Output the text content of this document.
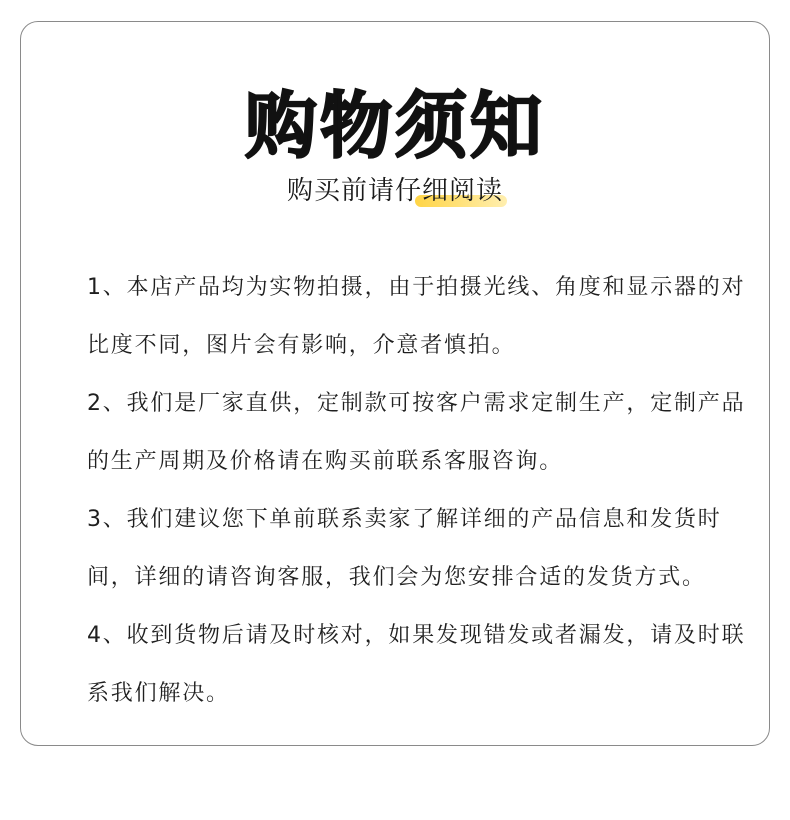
购物须知
购买前请仔细阅读
1、本店产品均为实物拍摄，由于拍摄光线、角度和显示器的对比度不同，图片会有影响，介意者慎拍。
2、我们是厂家直供，定制款可按客户需求定制生产，定制产品的生产周期及价格请在购买前联系客服咨询。
3、我们建议您下单前联系卖家了解详细的产品信息和发货时间，详细的请咨询客服，我们会为您安排合适的发货方式。
4、收到货物后请及时核对，如果发现错发或者漏发，请及时联系我们解决。
